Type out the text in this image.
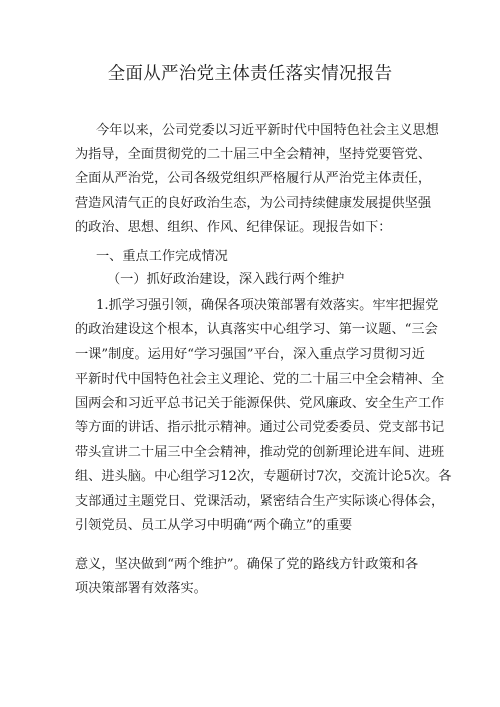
全面从严治党主体责任落实情况报告
今年以来，公司党委以习近平新时代中国特色社会主义思想
为指导，全面贯彻党的二十届三中全会精神，坚持党要管党、
全面从严治党，公司各级党组织严格履行从严治党主体责任，
营造风清气正的良好政治生态，为公司持续健康发展提供坚强
的政治、思想、组织、作风、纪律保证。现报告如下：
一、重点工作完成情况
（一）抓好政治建设，深入践行两个维护
1.抓学习强引领，确保各项决策部署有效落实。牢牢把握党
的政治建设这个根本，认真落实中心组学习、第一议题、“三会
一课”制度。运用好“学习强国”平台，深入重点学习贯彻习近
平新时代中国特色社会主义理论、党的二十届三中全会精神、全
国两会和习近平总书记关于能源保供、党风廉政、安全生产工作
等方面的讲话、指示批示精神。通过公司党委委员、党支部书记
带头宣讲二十届三中全会精神，推动党的创新理论进车间、进班
组、进头脑。中心组学习12次，专题研讨7次，交流计论5次。各
支部通过主题党日、党课活动，紧密结合生产实际谈心得体会，
引领党员、员工从学习中明确“两个确立”的重要
意义，坚决做到“两个维护”。确保了党的路线方针政策和各
项决策部署有效落实。
